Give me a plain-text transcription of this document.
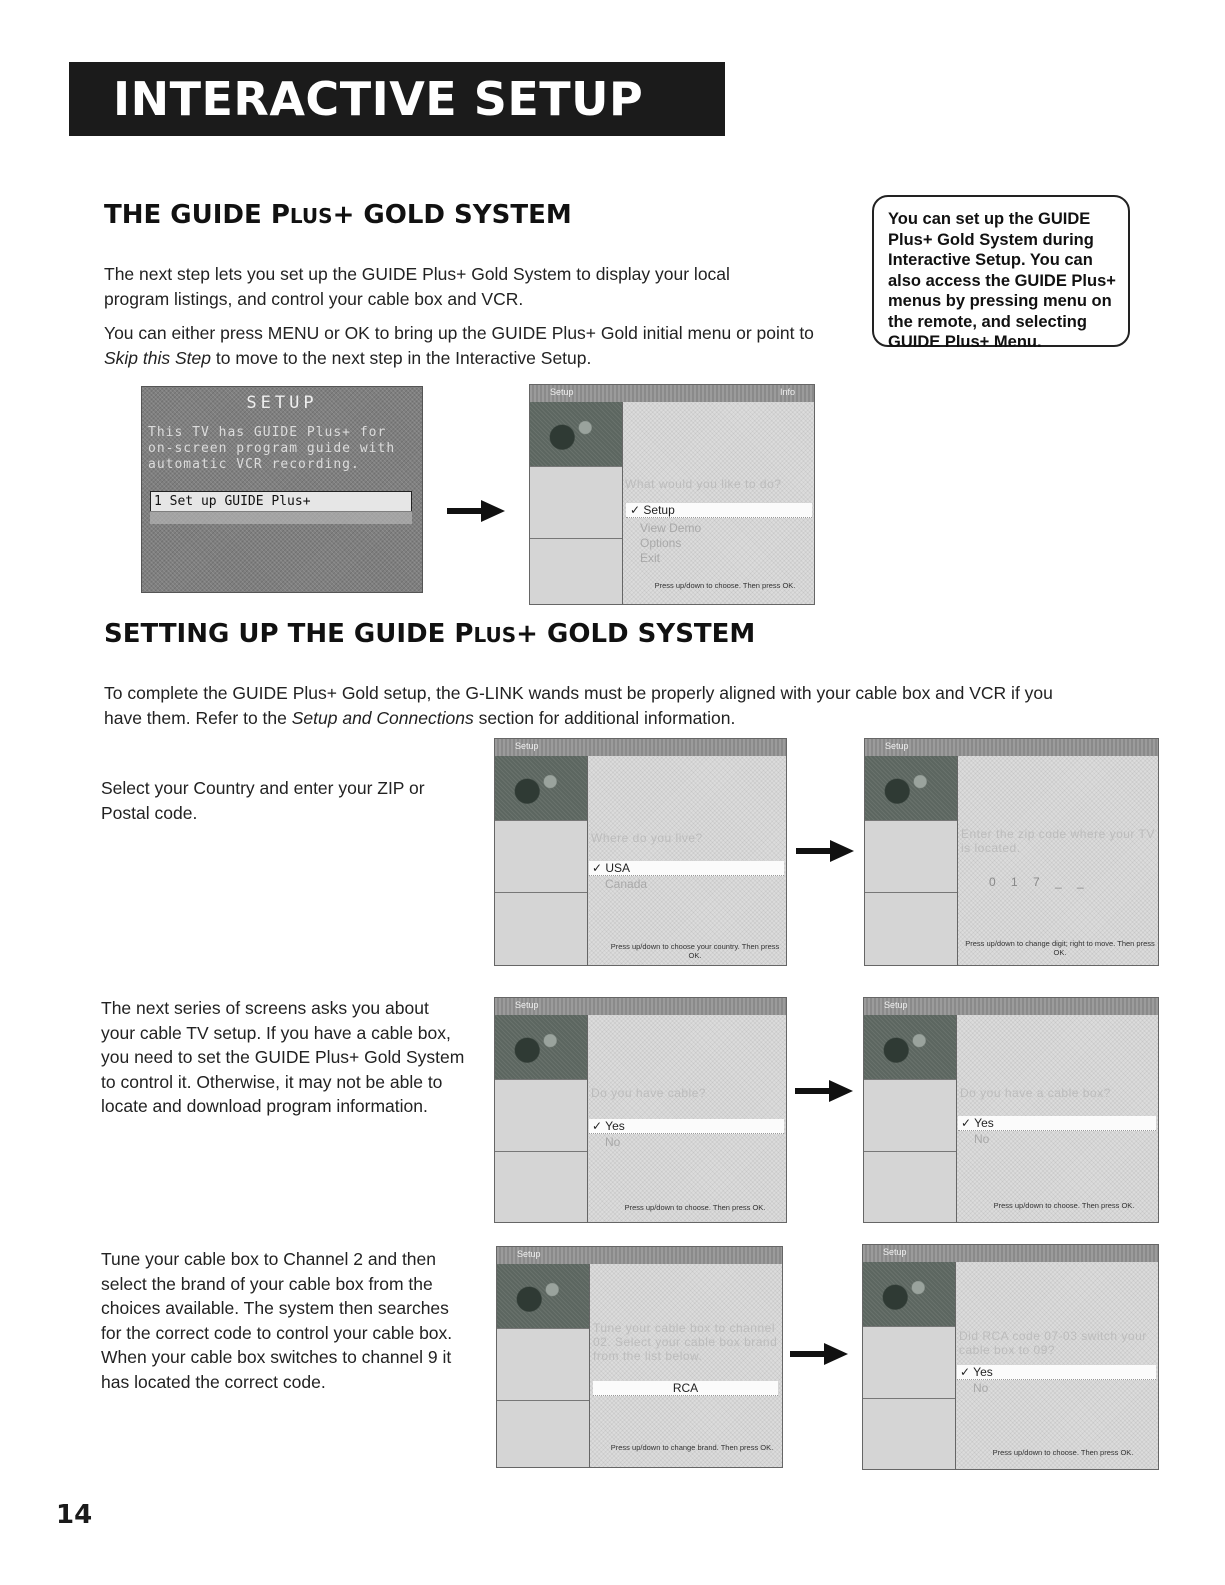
INTERACTIVE SETUP
THE GUIDE PLUS+ GOLD SYSTEM

The next step lets you set up the GUIDE Plus+ Gold System to display your local program listings, and control your cable box and VCR.

You can either press MENU or OK to bring up the GUIDE Plus+ Gold initial menu or point to Skip this Step to move to the next step in the Interactive Setup.

You can set up the GUIDE Plus+ Gold System during Interactive Setup. You can also access the GUIDE Plus+ menus by pressing menu on the remote, and selecting GUIDE Plus+ Menu.
SETUP
This TV has GUIDE Plus+ for on-screen program guide with automatic VCR recording.
1 Set up GUIDE Plus+
Setup	Info
What would you like to do?
✓ Setup
View Demo
Options
Exit
Press up/down to choose. Then press OK.
SETTING UP THE GUIDE PLUS+ GOLD SYSTEM

To complete the GUIDE Plus+ Gold setup, the G-LINK wands must be properly aligned with your cable box and VCR if you have them. Refer to the Setup and Connections section for additional information.

Select your Country and enter your ZIP or Postal code.

Setup
Where do you live?
✓ USA
Canada
Press up/down to choose your country. Then press OK.
Setup
Enter the zip code where your TV is located.
0 1 7 _ _
Press up/down to change digit; right to move. Then press OK.

The next series of screens asks you about your cable TV setup. If you have a cable box, you need to set the GUIDE Plus+ Gold System to control it. Otherwise, it may not be able to locate and download program information.

Setup
Do you have cable?
✓ Yes
No
Press up/down to choose. Then press OK.
Setup
Do you have a cable box?
✓ Yes
No
Press up/down to choose. Then press OK.

Tune your cable box to Channel 2 and then select the brand of your cable box from the choices available. The system then searches for the correct code to control your cable box. When your cable box switches to channel 9 it has located the correct code.

Setup
Tune your cable box to channel 02. Select your cable box brand from the list below.
RCA
Press up/down to change brand. Then press OK.
Setup
Did RCA code 07-03 switch your cable box to 09?
✓ Yes
No
Press up/down to choose. Then press OK.
14
